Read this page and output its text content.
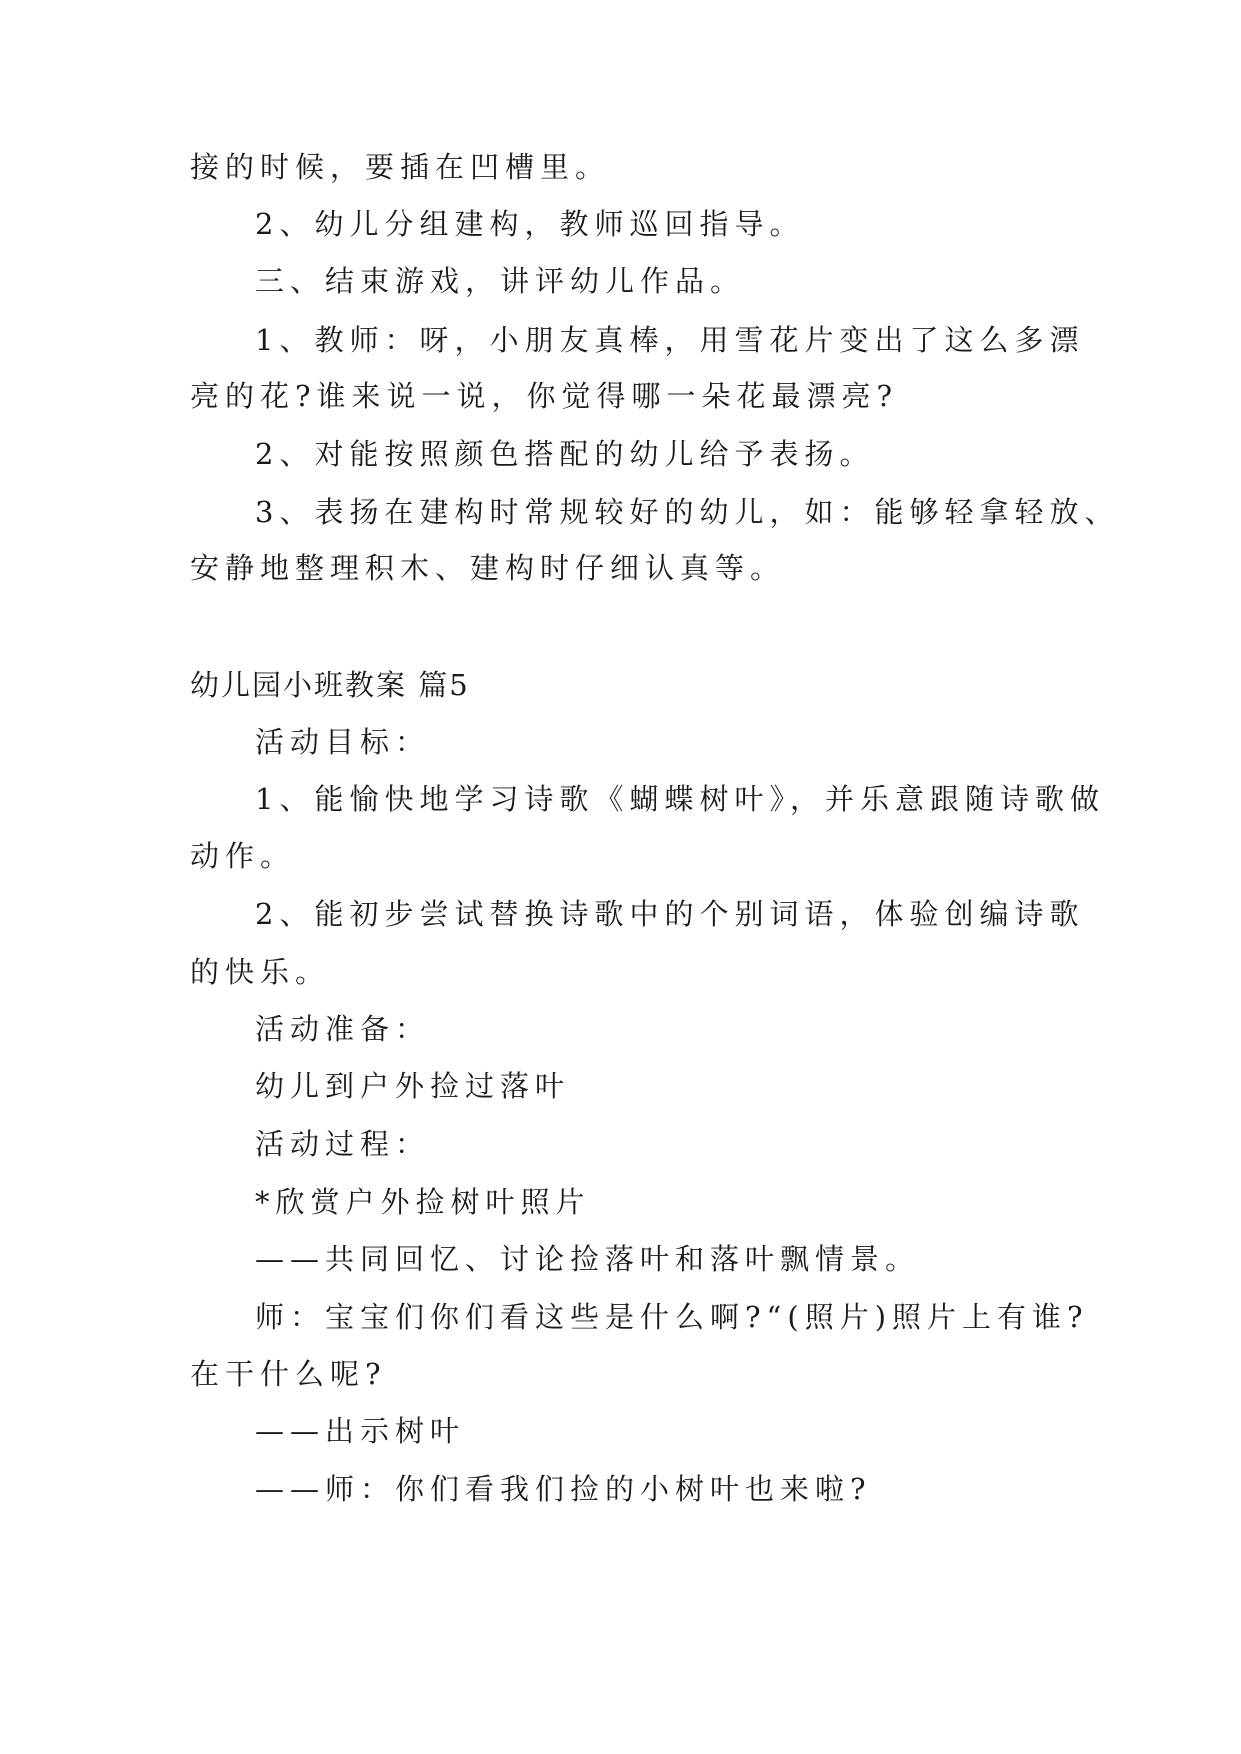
接的时候，要插在凹槽里。
2、幼儿分组建构，教师巡回指导。
三、结束游戏，讲评幼儿作品。
1、教师：呀，小朋友真棒，用雪花片变出了这么多漂
亮的花?谁来说一说，你觉得哪一朵花最漂亮?
2、对能按照颜色搭配的幼儿给予表扬。
3、表扬在建构时常规较好的幼儿，如：能够轻拿轻放、
安静地整理积木、建构时仔细认真等。
幼儿园小班教案 篇5
活动目标：
1、能愉快地学习诗歌《蝴蝶树叶》，并乐意跟随诗歌做
动作。
2、能初步尝试替换诗歌中的个别词语，体验创编诗歌
的快乐。
活动准备：
幼儿到户外捡过落叶
活动过程：
*欣赏户外捡树叶照片
——共同回忆、讨论捡落叶和落叶飘情景。
师：宝宝们你们看这些是什么啊?“(照片)照片上有谁?
在干什么呢?
——出示树叶
——师：你们看我们捡的小树叶也来啦?
